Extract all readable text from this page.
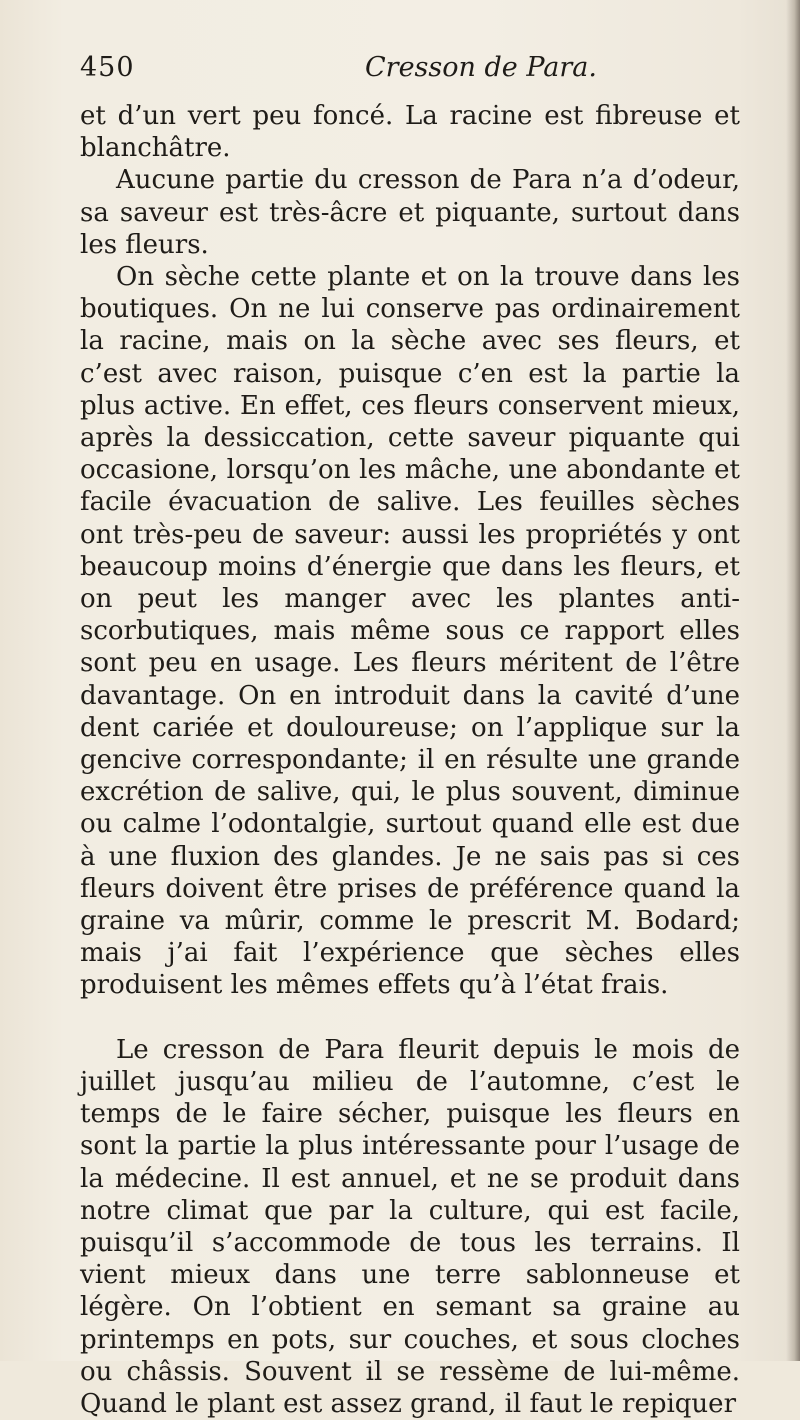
450	Cresson de Para.

et d’un vert peu foncé. La racine est fibreuse et blanchâtre.

Aucune partie du cresson de Para n’a d’odeur, sa saveur est très-âcre et piquante, surtout dans les fleurs.

On sèche cette plante et on la trouve dans les boutiques. On ne lui conserve pas ordinairement la racine, mais on la sèche avec ses fleurs, et c’est avec raison, puisque c’en est la partie la plus active. En effet, ces fleurs conservent mieux, après la dessiccation, cette saveur piquante qui occasione, lorsqu’on les mâche, une abondante et facile évacuation de salive. Les feuilles sèches ont très-peu de saveur: aussi les propriétés y ont beaucoup moins d’énergie que dans les fleurs, et on peut les manger avec les plantes anti-scorbutiques, mais même sous ce rapport elles sont peu en usage. Les fleurs méritent de l’être davantage. On en introduit dans la cavité d’une dent cariée et douloureuse; on l’applique sur la gencive correspondante; il en résulte une grande excrétion de salive, qui, le plus souvent, diminue ou calme l’odontalgie, surtout quand elle est due à une fluxion des glandes. Je ne sais pas si ces fleurs doivent être prises de préférence quand la graine va mûrir, comme le prescrit M. Bodard; mais j’ai fait l’expérience que sèches elles produisent les mêmes effets qu’à l’état frais.

Le cresson de Para fleurit depuis le mois de juillet jusqu’au milieu de l’automne, c’est le temps de le faire sécher, puisque les fleurs en sont la partie la plus intéressante pour l’usage de la médecine. Il est annuel, et ne se produit dans notre climat que par la culture, qui est facile, puisqu’il s’accommode de tous les terrains. Il vient mieux dans une terre sablonneuse et légère. On l’obtient en semant sa graine au printemps en pots, sur couches, et sous cloches ou châssis. Souvent il se ressème de lui-même. Quand le plant est assez grand, il faut le repiquer
